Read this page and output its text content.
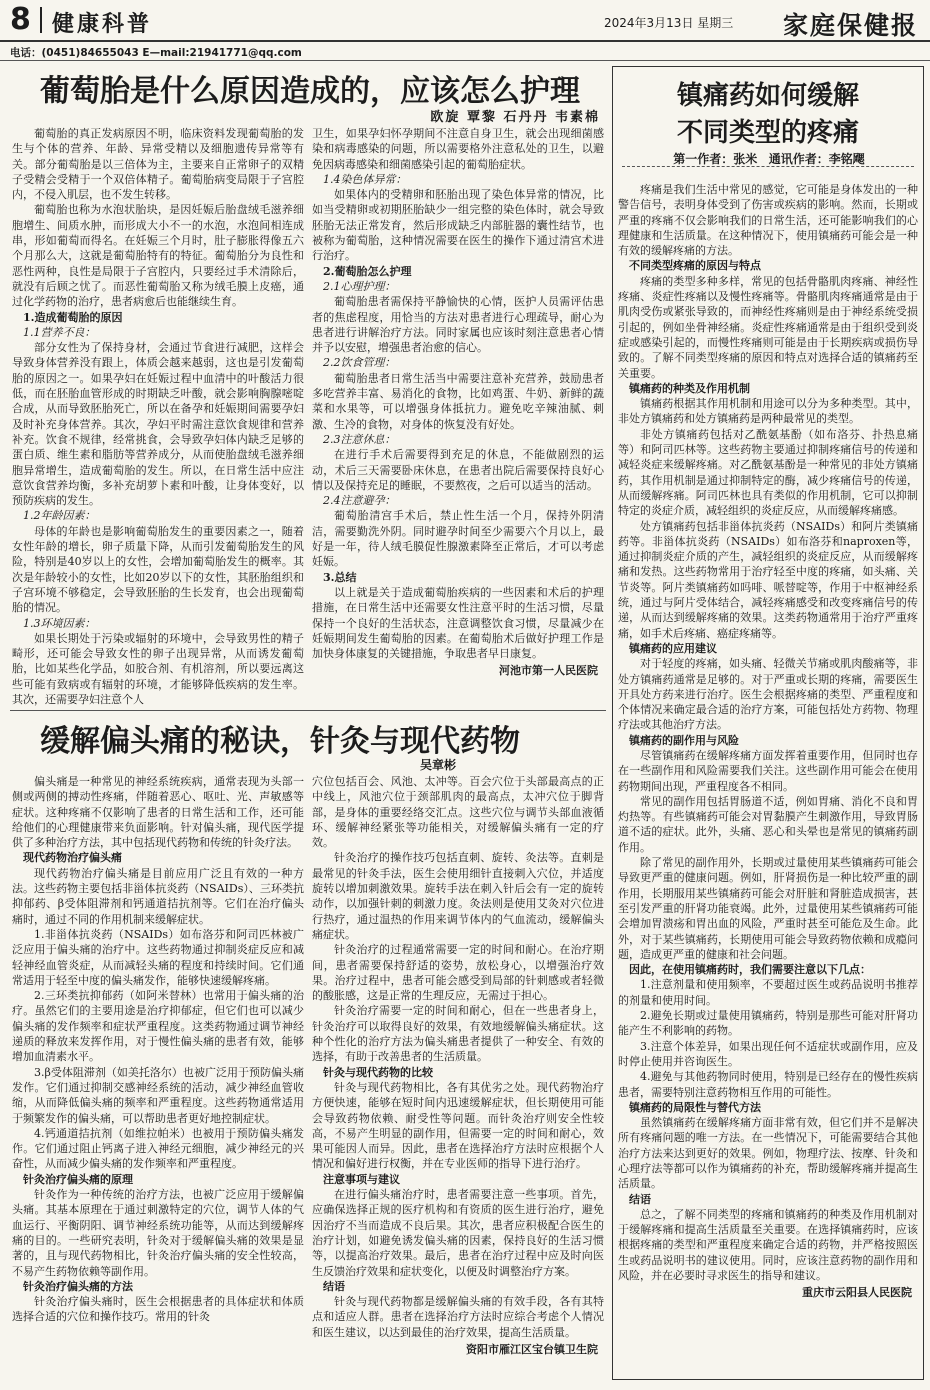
8 健康科普	2024年3月13日 星期三 家庭保健报
电话：(0451)84655043 E—mail:21941771@qq.com
葡萄胎是什么原因造成的，应该怎么护理
欧旋 覃黎 石丹丹 韦素棉

葡萄胎的真正发病原因不明，临床资料发现葡萄胎的发生与个体的营养、年龄、异常受精以及细胞遗传异常等有关。部分葡萄胎是以三倍体为主，主要来自正常卵子的双精子受精会受精于一个双倍体精子。葡萄胎病变局限于子宫腔内，不侵入肌层，也不发生转移。

葡萄胎也称为水泡状胎块，是因妊娠后胎盘绒毛滋养细胞增生、间质水肿，而形成大小不一的水泡，水泡间相连成串，形如葡萄而得名。在妊娠三个月时，肚子膨胀得像五六个月那么大，这就是葡萄胎特有的特征。葡萄胎分为良性和恶性两种，良性是局限于子宫腔内，只要经过手术清除后，就没有后顾之忧了。而恶性葡萄胎又称为绒毛膜上皮癌，通过化学药物的治疗，患者病愈后也能继续生育。

1.造成葡萄胎的原因

1.1营养不良：

部分女性为了保持身材，会通过节食进行减肥，这样会导致身体营养没有跟上，体质会越来越弱，这也是引发葡萄胎的原因之一。如果孕妇在妊娠过程中血清中的叶酸活力很低，而在胚胎血管形成的时期缺乏叶酸，就会影响胸腺嘧啶合成，从而导致胚胎死亡，所以在备孕和妊娠期间需要孕妇及时补充身体营养。其次，孕妇平时需注意饮食规律和营养补充。饮食不规律，经常挑食，会导致孕妇体内缺乏足够的蛋白质、维生素和脂肪等营养成分，从而使胎盘绒毛滋养细胞异常增生，造成葡萄胎的发生。所以，在日常生活中应注意饮食营养均衡，多补充胡萝卜素和叶酸，让身体变好，以预防疾病的发生。

1.2年龄因素：

母体的年龄也是影响葡萄胎发生的重要因素之一，随着女性年龄的增长，卵子质量下降，从而引发葡萄胎发生的风险，特别是40岁以上的女性，会增加葡萄胎发生的概率。其次是年龄较小的女性，比如20岁以下的女性，其胚胎组织和子宫环境不够稳定，会导致胚胎的生长发育，也会出现葡萄胎的情况。

1.3环境因素：

如果长期处于污染或辐射的环境中，会导致男性的精子畸形，还可能会导致女性的卵子出现异常，从而诱发葡萄胎，比如某些化学品，如胶合剂、有机溶剂，所以要远离这些可能有致病或有辐射的环境，才能够降低疾病的发生率。其次，还需要孕妇注意个人

卫生，如果孕妇怀孕期间不注意自身卫生，就会出现细菌感染和病毒感染的问题，所以需要格外注意私处的卫生，以避免因病毒感染和细菌感染引起的葡萄胎症状。

1.4染色体异常：

如果体内的受精卵和胚胎出现了染色体异常的情况，比如当受精卵或初期胚胎缺少一组完整的染色体时，就会导致胚胎无法正常发育，然后形成缺乏内部脏器的囊性结节，也被称为葡萄胎，这种情况需要在医生的操作下通过清宫术进行治疗。

2.葡萄胎怎么护理

2.1心理护理：

葡萄胎患者需保持平静愉快的心情，医护人员需评估患者的焦虑程度，用恰当的方法对患者进行心理疏导，耐心为患者进行讲解治疗方法。同时家属也应该时刻注意患者心情并予以安慰，增强患者治愈的信心。

2.2饮食管理：

葡萄胎患者日常生活当中需要注意补充营养，鼓励患者多吃营养丰富、易消化的食物，比如鸡蛋、牛奶、新鲜的蔬菜和水果等，可以增强身体抵抗力。避免吃辛辣油腻、刺激、生冷的食物，对身体的恢复没有好处。

2.3注意休息：

在进行手术后需要得到充足的休息，不能做剧烈的运动，术后三天需要卧床休息，在患者出院后需要保持良好心情以及保持充足的睡眠，不要熬夜，之后可以适当的活动。

2.4注意避孕：

葡萄胎清宫手术后，禁止性生活一个月，保持外阴清洁，需要勤洗外阴。同时避孕时间至少需要六个月以上，最好是一年，待人绒毛膜促性腺激素降至正常后，才可以考虑妊娠。

3.总结

以上就是关于造成葡萄胎疾病的一些因素和术后的护理措施，在日常生活中还需要女性注意平时的生活习惯，尽量保持一个良好的生活状态，注意调整饮食习惯，尽量减少在妊娠期间发生葡萄胎的因素。在葡萄胎术后做好护理工作是加快身体康复的关键措施，争取患者早日康复。

河池市第一人民医院

缓解偏头痛的秘诀，针灸与现代药物
吴章彬

偏头痛是一种常见的神经系统疾病，通常表现为头部一侧或两侧的搏动性疼痛，伴随着恶心、呕吐、光、声敏感等症状。这种疼痛不仅影响了患者的日常生活和工作，还可能给他们的心理健康带来负面影响。针对偏头痛，现代医学提供了多种治疗方法，其中包括现代药物和传统的针灸疗法。

现代药物治疗偏头痛

现代药物治疗偏头痛是目前应用广泛且有效的一种方法。这些药物主要包括非甾体抗炎药（NSAIDs）、三环类抗抑郁药、β受体阻滞剂和钙通道拮抗剂等。它们在治疗偏头痛时，通过不同的作用机制来缓解症状。

1.非甾体抗炎药（NSAIDs）如布洛芬和阿司匹林被广泛应用于偏头痛的治疗中。这些药物通过抑制炎症反应和减轻神经血管炎症，从而减轻头痛的程度和持续时间。它们通常适用于轻至中度的偏头痛发作，能够快速缓解疼痛。

2.三环类抗抑郁药（如阿米替林）也常用于偏头痛的治疗。虽然它们的主要用途是治疗抑郁症，但它们也可以减少偏头痛的发作频率和症状严重程度。这类药物通过调节神经递质的释放来发挥作用，对于慢性偏头痛的患者有效，能够增加血清素水平。

3.β受体阻滞剂（如美托洛尔）也被广泛用于预防偏头痛发作。它们通过抑制交感神经系统的活动，减少神经血管收缩，从而降低偏头痛的频率和严重程度。这些药物通常适用于频繁发作的偏头痛，可以帮助患者更好地控制症状。

4.钙通道拮抗剂（如维拉帕米）也被用于预防偏头痛发作。它们通过阻止钙离子进入神经元细胞，减少神经元的兴奋性，从而减少偏头痛的发作频率和严重程度。

针灸治疗偏头痛的原理

针灸作为一种传统的治疗方法，也被广泛应用于缓解偏头痛。其基本原理在于通过刺激特定的穴位，调节人体的气血运行、平衡阴阳、调节神经系统功能等，从而达到缓解疼痛的目的。一些研究表明，针灸对于缓解偏头痛的效果是显著的，且与现代药物相比，针灸治疗偏头痛的安全性较高，不易产生药物依赖等副作用。

针灸治疗偏头痛的方法

针灸治疗偏头痛时，医生会根据患者的具体症状和体质选择合适的穴位和操作技巧。常用的针灸

穴位包括百会、风池、太冲等。百会穴位于头部最高点的正中线上，风池穴位于颈部肌肉的最高点，太冲穴位于脚背部，是身体的重要经络交汇点。这些穴位与调节头部血液循环、缓解神经紧张等功能相关，对缓解偏头痛有一定的疗效。

针灸治疗的操作技巧包括直刺、旋转、灸法等。直刺是最常见的针灸手法，医生会使用细针直接刺入穴位，并适度旋转以增加刺激效果。旋转手法在刺入针后会有一定的旋转动作，以加强针刺的刺激力度。灸法则是使用艾灸对穴位进行热疗，通过温热的作用来调节体内的气血流动，缓解偏头痛症状。

针灸治疗的过程通常需要一定的时间和耐心。在治疗期间，患者需要保持舒适的姿势，放松身心，以增强治疗效果。治疗过程中，患者可能会感受到局部的针刺感或者轻微的酸胀感，这是正常的生理反应，无需过于担心。

针灸治疗需要一定的时间和耐心，但在一些患者身上，针灸治疗可以取得良好的效果，有效地缓解偏头痛症状。这种个性化的治疗方法为偏头痛患者提供了一种安全、有效的选择，有助于改善患者的生活质量。

针灸与现代药物的比较

针灸与现代药物相比，各有其优劣之处。现代药物治疗方便快速，能够在短时间内迅速缓解症状，但长期使用可能会导致药物依赖、耐受性等问题。而针灸治疗则安全性较高，不易产生明显的副作用，但需要一定的时间和耐心，效果可能因人而异。因此，患者在选择治疗方法时应根据个人情况和偏好进行权衡，并在专业医师的指导下进行治疗。

注意事项与建议

在进行偏头痛治疗时，患者需要注意一些事项。首先，应确保选择正规的医疗机构和有资质的医生进行治疗，避免因治疗不当而造成不良后果。其次，患者应积极配合医生的治疗计划，如避免诱发偏头痛的因素，保持良好的生活习惯等，以提高治疗效果。最后，患者在治疗过程中应及时向医生反馈治疗效果和症状变化，以便及时调整治疗方案。

结语

针灸与现代药物都是缓解偏头痛的有效手段，各有其特点和适应人群。患者在选择治疗方法时应综合考虑个人情况和医生建议，以达到最佳的治疗效果，提高生活质量。

资阳市雁江区宝台镇卫生院

镇痛药如何缓解
不同类型的疼痛
第一作者：张米 通讯作者：李铭飔

疼痛是我们生活中常见的感觉，它可能是身体发出的一种警告信号，表明身体受到了伤害或疾病的影响。然而，长期或严重的疼痛不仅会影响我们的日常生活，还可能影响我们的心理健康和生活质量。在这种情况下，使用镇痛药可能会是一种有效的缓解疼痛的方法。

不同类型疼痛的原因与特点

疼痛的类型多种多样，常见的包括骨骼肌肉疼痛、神经性疼痛、炎症性疼痛以及慢性疼痛等。骨骼肌肉疼痛通常是由于肌肉受伤或紧张导致的，而神经性疼痛则是由于神经系统受损引起的，例如坐骨神经痛。炎症性疼痛通常是由于组织受到炎症或感染引起的，而慢性疼痛则可能是由于长期疾病或损伤导致的。了解不同类型疼痛的原因和特点对选择合适的镇痛药至关重要。

镇痛药的种类及作用机制

镇痛药根据其作用机制和用途可以分为多种类型。其中，非处方镇痛药和处方镇痛药是两种最常见的类型。

非处方镇痛药包括对乙酰氨基酚（如布洛芬、扑热息痛等）和阿司匹林等。这些药物主要通过抑制疼痛信号的传递和减轻炎症来缓解疼痛。对乙酰氨基酚是一种常见的非处方镇痛药，其作用机制是通过抑制特定的酶，减少疼痛信号的传递，从而缓解疼痛。阿司匹林也具有类似的作用机制，它可以抑制特定的炎症介质，减轻组织的炎症反应，从而缓解疼痛感。

处方镇痛药包括非甾体抗炎药（NSAIDs）和阿片类镇痛药等。非甾体抗炎药（NSAIDs）如布洛芬和naproxen等，通过抑制炎症介质的产生，减轻组织的炎症反应，从而缓解疼痛和发热。这些药物常用于治疗轻至中度的疼痛，如头痛、关节炎等。阿片类镇痛药如吗啡、哌替啶等，作用于中枢神经系统，通过与阿片受体结合，减轻疼痛感受和改变疼痛信号的传递，从而达到缓解疼痛的效果。这类药物通常用于治疗严重疼痛，如手术后疼痛、癌症疼痛等。

镇痛药的应用建议

对于轻度的疼痛，如头痛、轻微关节痛或肌肉酸痛等，非处方镇痛药通常是足够的。对于严重或长期的疼痛，需要医生开具处方药来进行治疗。医生会根据疼痛的类型、严重程度和个体情况来确定最合适的治疗方案，可能包括处方药物、物理疗法或其他治疗方法。

镇痛药的副作用与风险

尽管镇痛药在缓解疼痛方面发挥着重要作用，但同时也存在一些副作用和风险需要我们关注。这些副作用可能会在使用药物期间出现，严重程度各不相同。

常见的副作用包括胃肠道不适，例如胃痛、消化不良和胃灼热等。有些镇痛药可能会对胃黏膜产生刺激作用，导致胃肠道不适的症状。此外，头痛、恶心和头晕也是常见的镇痛药副作用。

除了常见的副作用外，长期或过量使用某些镇痛药可能会导致更严重的健康问题。例如，肝肾损伤是一种比较严重的副作用，长期服用某些镇痛药可能会对肝脏和肾脏造成损害，甚至引发严重的肝肾功能衰竭。此外，过量使用某些镇痛药可能会增加胃溃疡和胃出血的风险，严重时甚至可能危及生命。此外，对于某些镇痛药，长期使用可能会导致药物依赖和成瘾问题，造成更严重的健康和社会问题。

因此，在使用镇痛药时，我们需要注意以下几点：

1.注意剂量和使用频率，不要超过医生或药品说明书推荐的剂量和使用时间。

2.避免长期或过量使用镇痛药，特别是那些可能对肝肾功能产生不利影响的药物。

3.注意个体差异，如果出现任何不适症状或副作用，应及时停止使用并咨询医生。

4.避免与其他药物同时使用，特别是已经存在的慢性疾病患者，需要特别注意药物相互作用的可能性。

镇痛药的局限性与替代方法

虽然镇痛药在缓解疼痛方面非常有效，但它们并不是解决所有疼痛问题的唯一方法。在一些情况下，可能需要结合其他治疗方法来达到更好的效果。例如，物理疗法、按摩、针灸和心理疗法等都可以作为镇痛药的补充，帮助缓解疼痛并提高生活质量。

结语

总之，了解不同类型的疼痛和镇痛药的种类及作用机制对于缓解疼痛和提高生活质量至关重要。在选择镇痛药时，应该根据疼痛的类型和严重程度来确定合适的药物，并严格按照医生或药品说明书的建议使用。同时，应该注意药物的副作用和风险，并在必要时寻求医生的指导和建议。

重庆市云阳县人民医院
